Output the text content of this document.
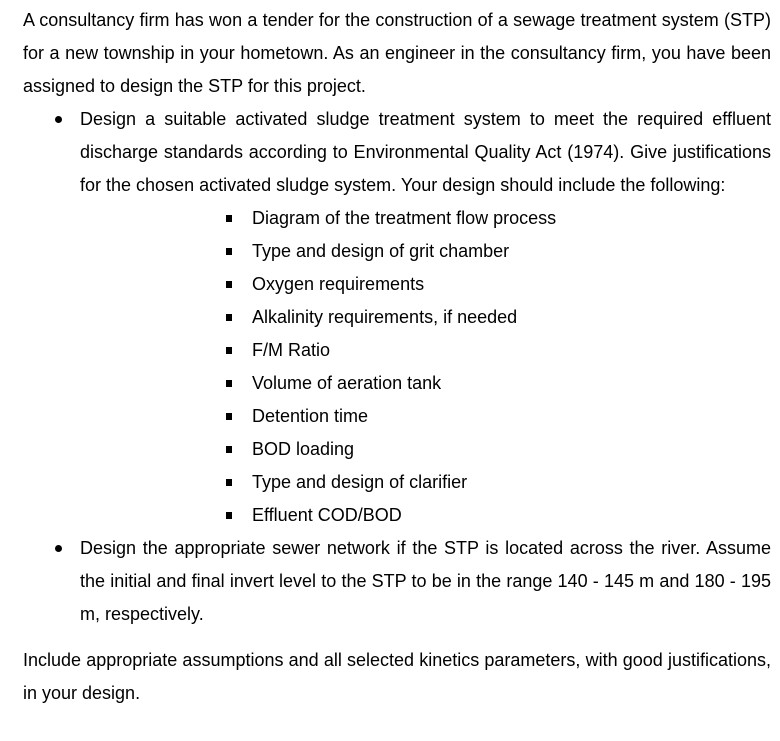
A consultancy firm has won a tender for the construction of a sewage treatment system (STP) for a new township in your hometown. As an engineer in the consultancy firm, you have been assigned to design the STP for this project.

Design a suitable activated sludge treatment system to meet the required effluent discharge standards according to Environmental Quality Act (1974). Give justifications for the chosen activated sludge system. Your design should include the following:
Diagram of the treatment flow process
Type and design of grit chamber
Oxygen requirements
Alkalinity requirements, if needed
F/M Ratio
Volume of aeration tank
Detention time
BOD loading
Type and design of clarifier
Effluent COD/BOD
Design the appropriate sewer network if the STP is located across the river. Assume the initial and final invert level to the STP to be in the range 140 - 145 m and 180 - 195 m, respectively.

Include appropriate assumptions and all selected kinetics parameters, with good justifications, in your design.
